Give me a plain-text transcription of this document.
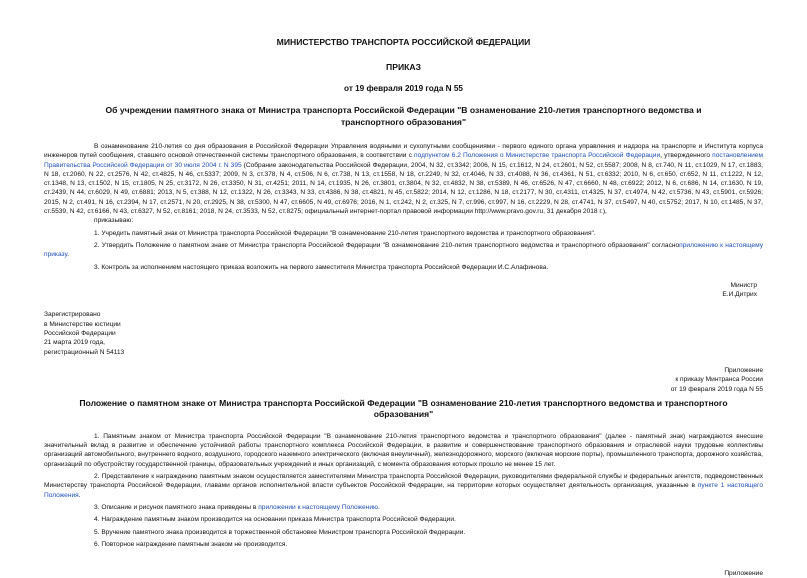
МИНИСТЕРСТВО ТРАНСПОРТА РОССИЙСКОЙ ФЕДЕРАЦИИ
ПРИКАЗ
от 19 февраля 2019 года N 55
Об учреждении памятного знака от Министра транспорта Российской Федерации "В ознаменование 210-летия транспортного ведомства и транспортного образования"

В ознаменование 210-летия со дня образования в Российской Федерации Управления водяными и сухопутными сообщениями - первого единого органа управления и надзора на транспорте и Института корпуса инженеров путей сообщения, ставшего основой отечественной системы транспортного образования, в соответствии с подпунктом 6.2 Положения о Министерстве транспорта Российской Федерации, утвержденного постановлением Правительства Российской Федерации от 30 июля 2004 г. N 395 (Собрание законодательства Российской Федерации, 2004, N 32, ст.3342; 2006, N 15, ст.1612, N 24, ст.2601, N 52, ст.5587; 2008, N 8, ст.740, N 11, ст.1029, N 17, ст.1883, N 18, ст.2060, N 22, ст.2576, N 42, ст.4825, N 46, ст.5337; 2009, N 3, ст.378, N 4, ст.506, N 6, ст.738, N 13, ст.1558, N 18, ст.2249, N 32, ст.4046, N 33, ст.4088, N 36, ст.4361, N 51, ст.6332; 2010, N 6, ст.650, ст.652, N 11, ст.1222, N 12, ст.1348, N 13, ст.1502, N 15, ст.1805, N 25, ст.3172, N 26, ст.3350, N 31, ст.4251; 2011, N 14, ст.1935, N 26, ст.3801, ст.3804, N 32, ст.4832, N 38, ст.5389, N 46, ст.6526, N 47, ст.6660, N 48, ст.6922; 2012, N 6, ст.686, N 14, ст.1630, N 19, ст.2439, N 44, ст.6029, N 49, ст.6881; 2013, N 5, ст.388, N 12, ст.1322, N 26, ст.3343, N 33, ст.4386, N 38, ст.4821, N 45, ст.5822; 2014, N 12, ст.1286, N 18, ст.2177, N 30, ст.4311, ст.4325, N 37, ст.4974, N 42, ст.5736, N 43, ст.5901, ст.5926; 2015, N 2, ст.491, N 16, ст.2394, N 17, ст.2571, N 20, ст.2925, N 38, ст.5300, N 47, ст.6605, N 49, ст.6976; 2016, N 1, ст.242, N 2, ст.325, N 7, ст.996, ст.997, N 16, ст.2229, N 28, ст.4741, N 37, ст.5497, N 40, ст.5752; 2017, N 10, ст.1485, N 37, ст.5539, N 42, ст.6166, N 43, ст.6327, N 52, ст.8161; 2018, N 24, ст.3533, N 52, ст.8275; официальный интернет-портал правовой информации http://www.pravo.gov.ru, 31 декабря 2018 г.),

приказываю:

1. Учредить памятный знак от Министра транспорта Российской Федерации "В ознаменование 210-летия транспортного ведомства и транспортного образования".

2. Утвердить Положение о памятном знаке от Министра транспорта Российской Федерации "В ознаменование 210-летия транспортного ведомства и транспортного образования" согласноприложению к настоящему приказу.

3. Контроль за исполнением настоящего приказа возложить на первого заместителя Министра транспорта Российской Федерации И.С.Алафинова.

Министр
Е.И.Дитрих
Зарегистрировано
в Министерстве юстиции
Российской Федерации
21 марта 2019 года,
регистрационный N 54113
Приложение
к приказу Минтранса России
от 19 февраля 2019 года N 55
Положение о памятном знаке от Министра транспорта Российской Федерации "В ознаменование 210-летия транспортного ведомства и транспортного образования"

1. Памятным знаком от Министра транспорта Российской Федерации "В ознаменование 210-летия транспортного ведомства и транспортного образования" (далее - памятный знак) награждаются внесшие значительный вклад в развитие и обеспечение устойчивой работы транспортного комплекса Российской Федерации, в развитие и совершенствование транспортного образования и отраслевой науки трудовые коллективы организаций автомобильного, внутреннего водного, воздушного, городского наземного электрического (включая внеуличный), железнодорожного, морского (включая морские порты), промышленного транспорта, дорожного хозяйства, организаций по обустройству государственной границы, образовательных учреждений и иных организаций, с момента образования которых прошло не менее 15 лет.

2. Представление к награждению памятным знаком осуществляется заместителями Министра транспорта Российской Федерации, руководителями федеральной службы и федеральных агентств, подведомственных Министерству транспорта Российской Федерации, главами органов исполнительной власти субъектов Российской Федерации, на территории которых осуществляет деятельность организация, указанные в пункте 1 настоящего Положения.

3. Описание и рисунок памятного знака приведены в приложении к настоящему Положению.

4. Награждение памятным знаком производится на основании приказа Министра транспорта Российской Федерации.

5. Вручение памятного знака производится в торжественной обстановке Министром транспорта Российской Федерации.

6. Повторное награждение памятным знаком не производится.

Приложение
